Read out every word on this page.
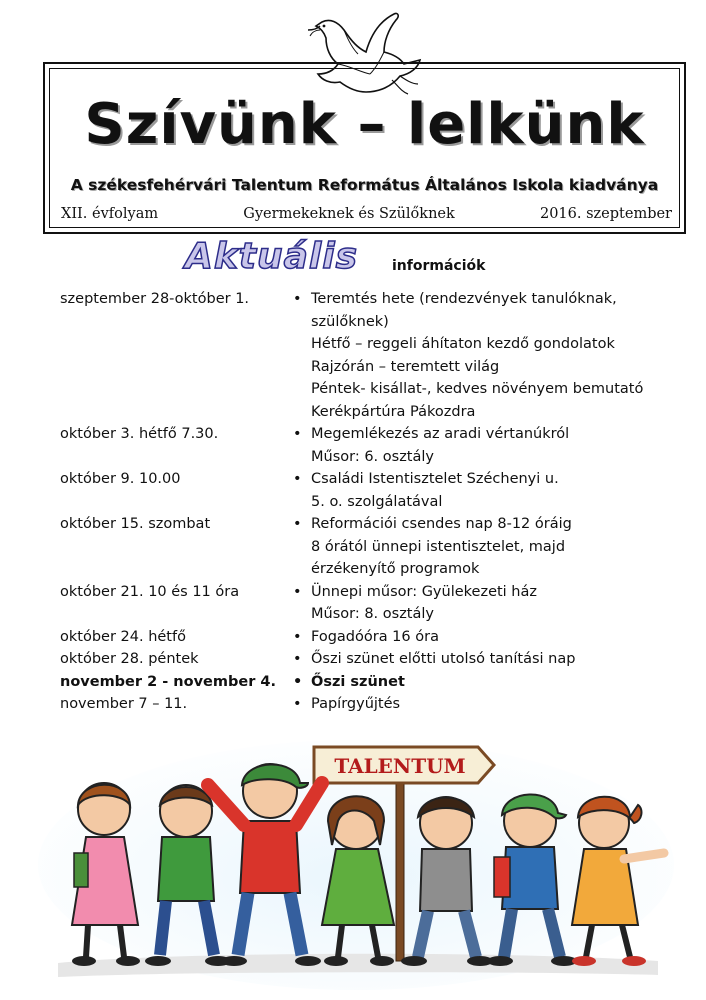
Szívünk – lelkünk
A székesfehérvári Talentum Református Általános Iskola kiadványa
XII. évfolyam	Gyermekeknek és Szülőknek	2016. szeptember
Aktuális információk
szeptember 28-október 1.	• Teremtés hete (rendezvények tanulóknak,
szülőknek)
Hétfő – reggeli áhítaton kezdő gondolatok
Rajzórán – teremtett világ
Péntek- kisállat-, kedves növényem bemutató
Kerékpártúra Pákozdra
október 3. hétfő 7.30.	• Megemlékezés az aradi vértanúkról
Műsor: 6. osztály
október 9. 10.00	• Családi Istentisztelet Széchenyi u.
5. o. szolgálatával
október 15. szombat	• Reformációi csendes nap 8-12 óráig
8 órától ünnepi istentisztelet, majd
érzékenyítő programok
október 21. 10 és 11 óra	• Ünnepi műsor: Gyülekezeti ház
Műsor: 8. osztály
október 24. hétfő	• Fogadóóra 16 óra
október 28. péntek	• Őszi szünet előtti utolsó tanítási nap
november 2 - november 4.	• Őszi szünet
november 7 – 11.	• Papírgyűjtés
TALENTUM
